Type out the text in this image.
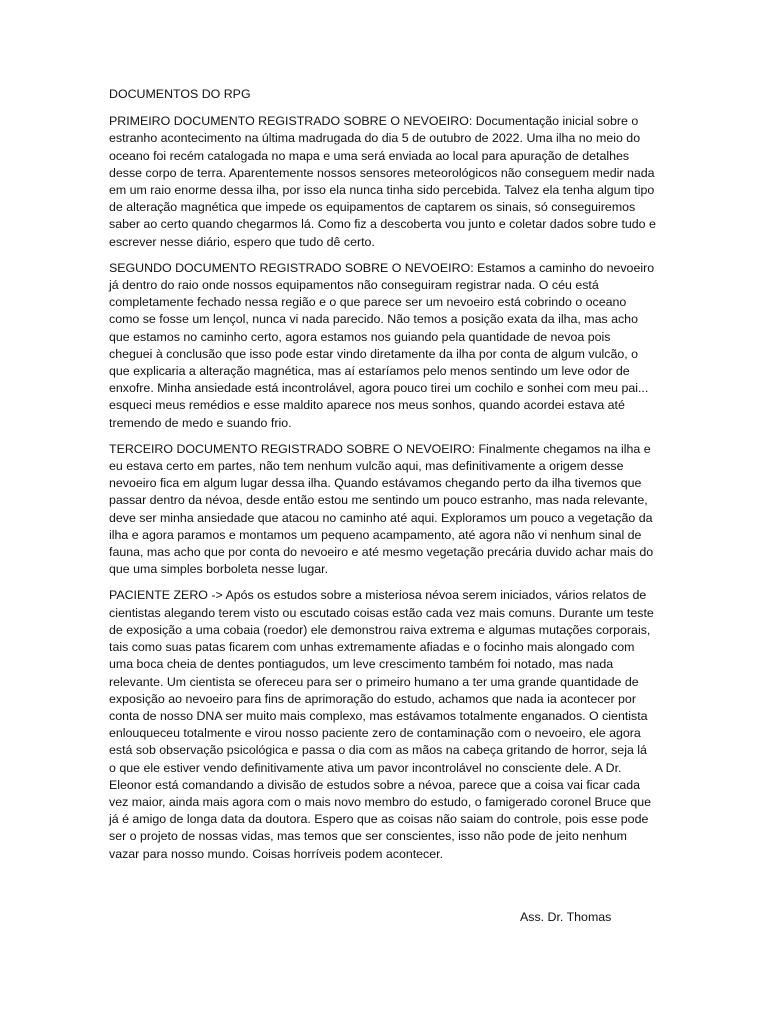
DOCUMENTOS DO RPG

PRIMEIRO DOCUMENTO REGISTRADO SOBRE O NEVOEIRO: Documentação inicial sobre o estranho acontecimento na última madrugada do dia 5 de outubro de 2022. Uma ilha no meio do oceano foi recém catalogada no mapa e uma será enviada ao local para apuração de detalhes desse corpo de terra. Aparentemente nossos sensores meteorológicos não conseguem medir nada em um raio enorme dessa ilha, por isso ela nunca tinha sido percebida. Talvez ela tenha algum tipo de alteração magnética que impede os equipamentos de captarem os sinais, só conseguiremos saber ao certo quando chegarmos lá. Como fiz a descoberta vou junto e coletar dados sobre tudo e escrever nesse diário, espero que tudo dê certo.

SEGUNDO DOCUMENTO REGISTRADO SOBRE O NEVOEIRO: Estamos a caminho do nevoeiro já dentro do raio onde nossos equipamentos não conseguiram registrar nada. O céu está completamente fechado nessa região e o que parece ser um nevoeiro está cobrindo o oceano como se fosse um lençol, nunca vi nada parecido. Não temos a posição exata da ilha, mas acho que estamos no caminho certo, agora estamos nos guiando pela quantidade de nevoa pois cheguei à conclusão que isso pode estar vindo diretamente da ilha por conta de algum vulcão, o que explicaria a alteração magnética, mas aí estaríamos pelo menos sentindo um leve odor de enxofre. Minha ansiedade está incontrolável, agora pouco tirei um cochilo e sonhei com meu pai... esqueci meus remédios e esse maldito aparece nos meus sonhos, quando acordei estava até tremendo de medo e suando frio.

TERCEIRO DOCUMENTO REGISTRADO SOBRE O NEVOEIRO: Finalmente chegamos na ilha e eu estava certo em partes, não tem nenhum vulcão aqui, mas definitivamente a origem desse nevoeiro fica em algum lugar dessa ilha. Quando estávamos chegando perto da ilha tivemos que passar dentro da névoa, desde então estou me sentindo um pouco estranho, mas nada relevante, deve ser minha ansiedade que atacou no caminho até aqui. Exploramos um pouco a vegetação da ilha e agora paramos e montamos um pequeno acampamento, até agora não vi nenhum sinal de fauna, mas acho que por conta do nevoeiro e até mesmo vegetação precária duvido achar mais do que uma simples borboleta nesse lugar.

PACIENTE ZERO -> Após os estudos sobre a misteriosa névoa serem iniciados, vários relatos de cientistas alegando terem visto ou escutado coisas estão cada vez mais comuns. Durante um teste de exposição a uma cobaia (roedor) ele demonstrou raiva extrema e algumas mutações corporais, tais como suas patas ficarem com unhas extremamente afiadas e o focinho mais alongado com uma boca cheia de dentes pontiagudos, um leve crescimento também foi notado, mas nada relevante. Um cientista se ofereceu para ser o primeiro humano a ter uma grande quantidade de exposição ao nevoeiro para fins de aprimoração do estudo, achamos que nada ia acontecer por conta de nosso DNA ser muito mais complexo, mas estávamos totalmente enganados. O cientista enlouqueceu totalmente e virou nosso paciente zero de contaminação com o nevoeiro, ele agora está sob observação psicológica e passa o dia com as mãos na cabeça gritando de horror, seja lá o que ele estiver vendo definitivamente ativa um pavor incontrolável no consciente dele. A Dr. Eleonor está comandando a divisão de estudos sobre a névoa, parece que a coisa vai ficar cada vez maior, ainda mais agora com o mais novo membro do estudo, o famigerado coronel Bruce que já é amigo de longa data da doutora. Espero que as coisas não saiam do controle, pois esse pode ser o projeto de nossas vidas, mas temos que ser conscientes, isso não pode de jeito nenhum vazar para nosso mundo. Coisas horríveis podem acontecer.

Ass. Dr. Thomas
